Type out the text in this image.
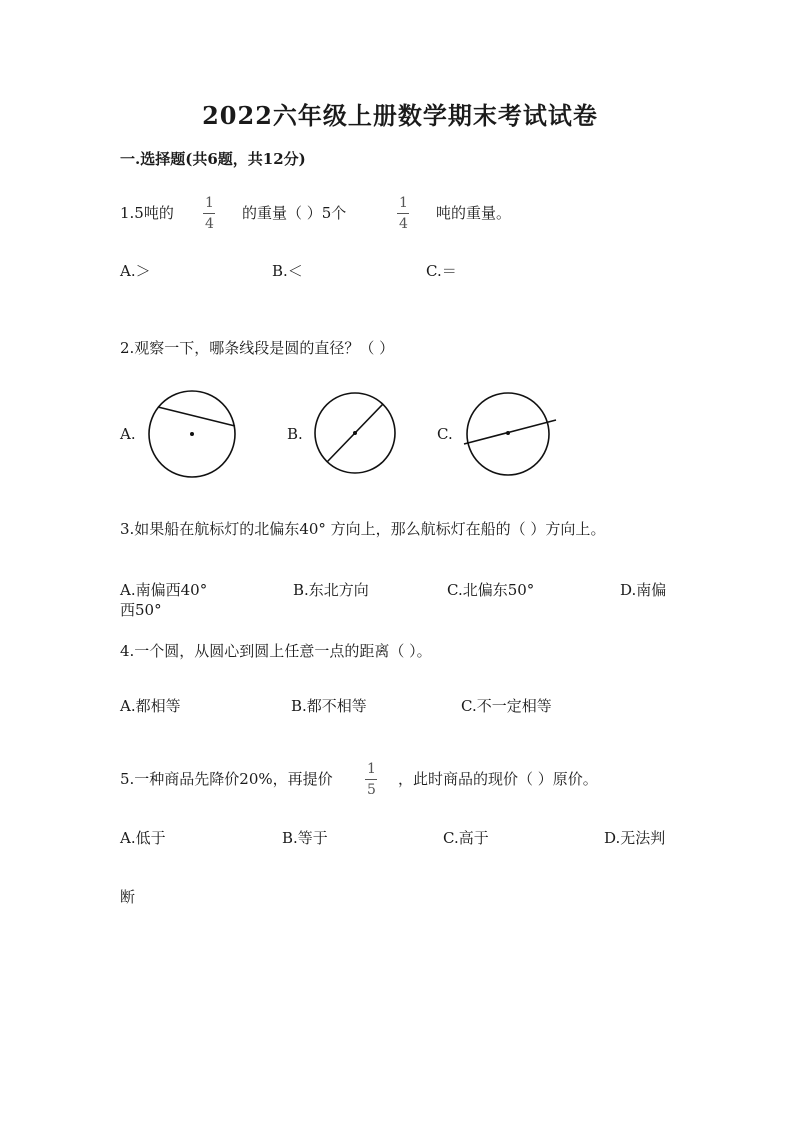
2022六年级上册数学期末考试试卷
一.选择题(共6题，共12分)
1.5吨的
1
4
的重量（ ）5个
1
4
吨的重量。
A.＞	B.＜	C.＝
2.观察一下，哪条线段是圆的直径？（ ）
A.	B.	C.
3.如果船在航标灯的北偏东40° 方向上，那么航标灯在船的（ ）方向上。
A.南偏西40°	B.东北方向	C.北偏东50°	D.南偏
西50°
4.一个圆，从圆心到圆上任意一点的距离（ ）。
A.都相等	B.都不相等	C.不一定相等
5.一种商品先降价20%，再提价
1
5
，此时商品的现价（ ）原价。
A.低于	B.等于	C.高于	D.无法判
断
